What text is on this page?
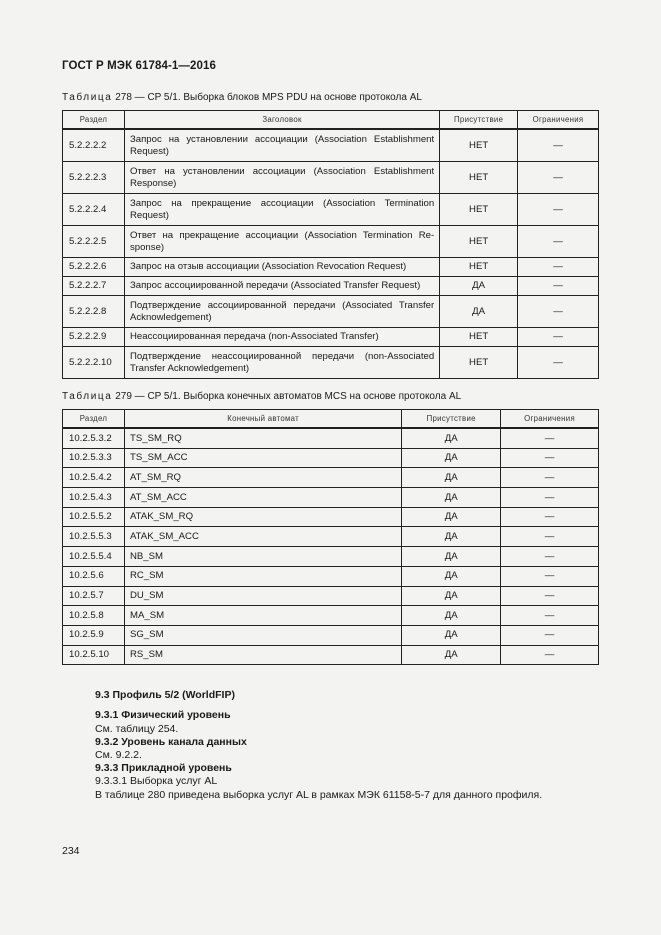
ГОСТ Р МЭК 61784-1—2016
Таблица 278 — CP 5/1. Выборка блоков MPS PDU на основе протокола AL
Раздел	Заголовок	Присутствие	Ограничения
5.2.2.2.2	Запрос на установлении ассоциации (Association Establishment Request)	НЕТ	—
5.2.2.2.3	Ответ на установлении ассоциации (Association Establishment Response)	НЕТ	—
5.2.2.2.4	Запрос на прекращение ассоциации (Association Termination Request)	НЕТ	—
5.2.2.2.5	Ответ на прекращение ассоциации (Association Termination Re-sponse)	НЕТ	—
5.2.2.2.6	Запрос на отзыв ассоциации (Association Revocation Request)	НЕТ	—
5.2.2.2.7	Запрос ассоциированной передачи (Associated Transfer Request)	ДА	—
5.2.2.2.8	Подтверждение ассоциированной передачи (Associated Transfer Acknowledgement)	ДА	—
5.2.2.2.9	Неассоциированная передача (non-Associated Transfer)	НЕТ	—
5.2.2.2.10	Подтверждение неассоциированной передачи (non-Associated Transfer Acknowledgement)	НЕТ	—
Таблица 279 — CP 5/1. Выборка конечных автоматов MCS на основе протокола AL
Раздел	Конечный автомат	Присутствие	Ограничения
10.2.5.3.2	TS_SM_RQ	ДА	—
10.2.5.3.3	TS_SM_ACC	ДА	—
10.2.5.4.2	AT_SM_RQ	ДА	—
10.2.5.4.3	AT_SM_ACC	ДА	—
10.2.5.5.2	ATAK_SM_RQ	ДА	—
10.2.5.5.3	ATAK_SM_ACC	ДА	—
10.2.5.5.4	NB_SM	ДА	—
10.2.5.6	RC_SM	ДА	—
10.2.5.7	DU_SM	ДА	—
10.2.5.8	MA_SM	ДА	—
10.2.5.9	SG_SM	ДА	—
10.2.5.10	RS_SM	ДА	—
9.3 Профиль 5/2 (WorldFIP)
9.3.1 Физический уровень
См. таблицу 254.
9.3.2 Уровень канала данных
См. 9.2.2.
9.3.3 Прикладной уровень
9.3.3.1 Выборка услуг AL
В таблице 280 приведена выборка услуг AL в рамках МЭК 61158-5-7 для данного профиля.
234
